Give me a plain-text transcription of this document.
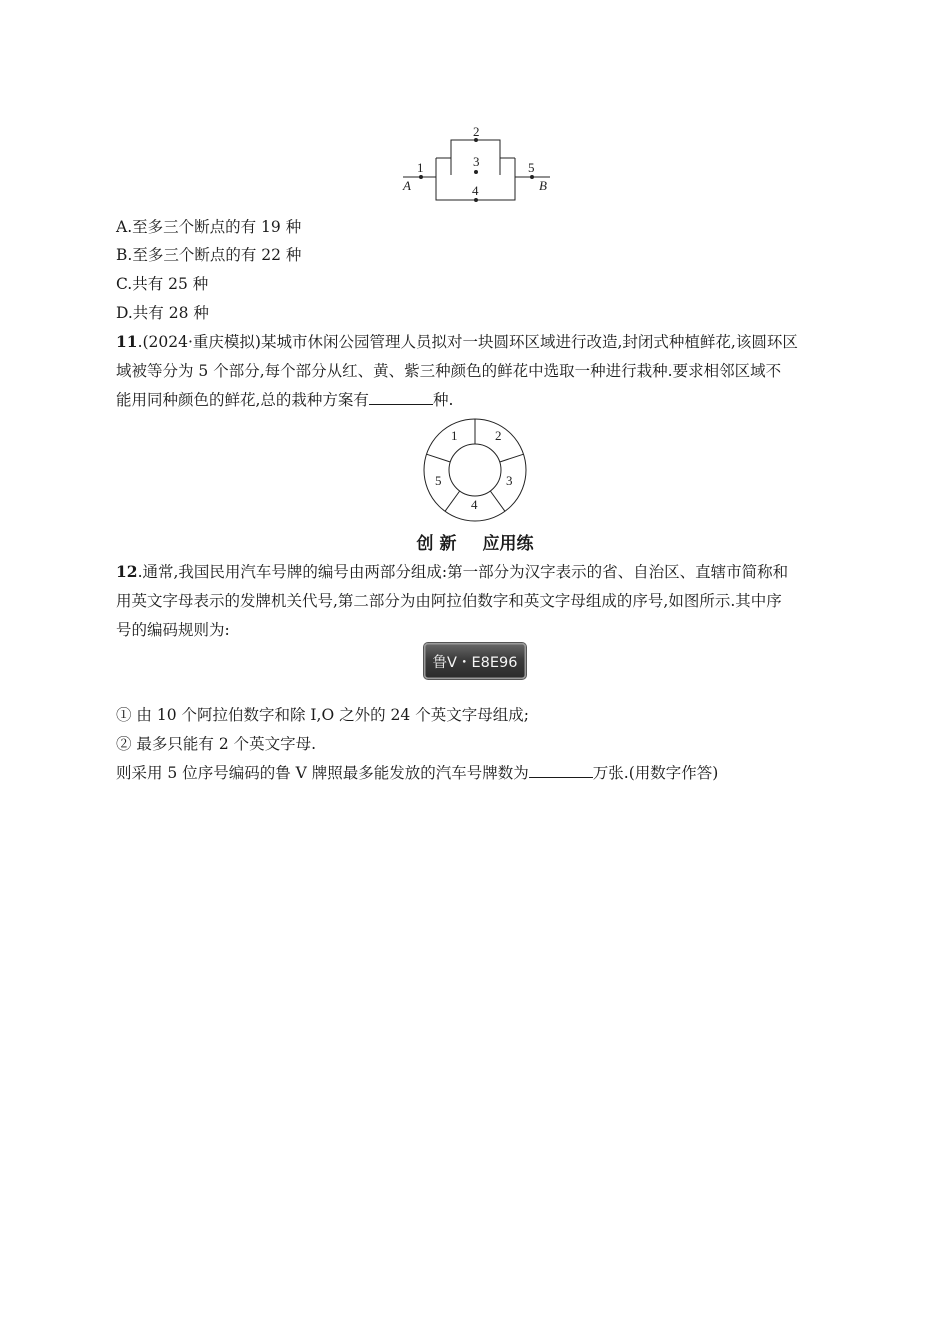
1
2
3
4
5
A	B
A.至多三个断点的有 19 种
B.至多三个断点的有 22 种
C.共有 25 种
D.共有 28 种
11.(2024·重庆模拟)某城市休闲公园管理人员拟对一块圆环区域进行改造,封闭式种植鲜花,该圆环区
域被等分为 5 个部分,每个部分从红、黄、紫三种颜色的鲜花中选取一种进行栽种.要求相邻区域不
能用同种颜色的鲜花,总的栽种方案有	种.
1	2
3
4
5
创新 应用练
12.通常,我国民用汽车号牌的编号由两部分组成:第一部分为汉字表示的省、自治区、直辖市简称和
用英文字母表示的发牌机关代号,第二部分为由阿拉伯数字和英文字母组成的序号,如图所示.其中序
号的编码规则为:
鲁V・E8E96
① 由 10 个阿拉伯数字和除 I,O 之外的 24 个英文字母组成;
② 最多只能有 2 个英文字母.
则采用 5 位序号编码的鲁 V 牌照最多能发放的汽车号牌数为	万张.(用数字作答)
